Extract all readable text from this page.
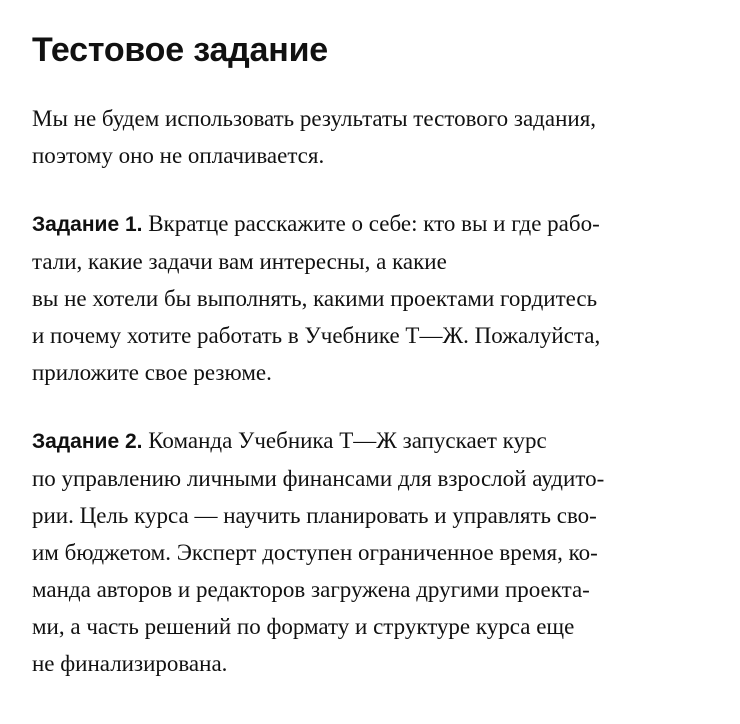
Тестовое задание

Мы не будем использовать результаты тестового задания,
поэтому оно не оплачивается.

Задание 1. Вкратце расскажите о себе: кто вы и где рабо-
тали, какие задачи вам интересны, а какие
вы не хотели бы выполнять, какими проектами гордитесь
и почему хотите работать в Учебнике Т—Ж. Пожалуйста,
приложите свое резюме.

Задание 2. Команда Учебника Т—Ж запускает курс
по управлению личными финансами для взрослой аудито-
рии. Цель курса — научить планировать и управлять сво-
им бюджетом. Эксперт доступен ограниченное время, ко-
манда авторов и редакторов загружена другими проекта-
ми, а часть решений по формату и структуре курса еще
не финализирована.
